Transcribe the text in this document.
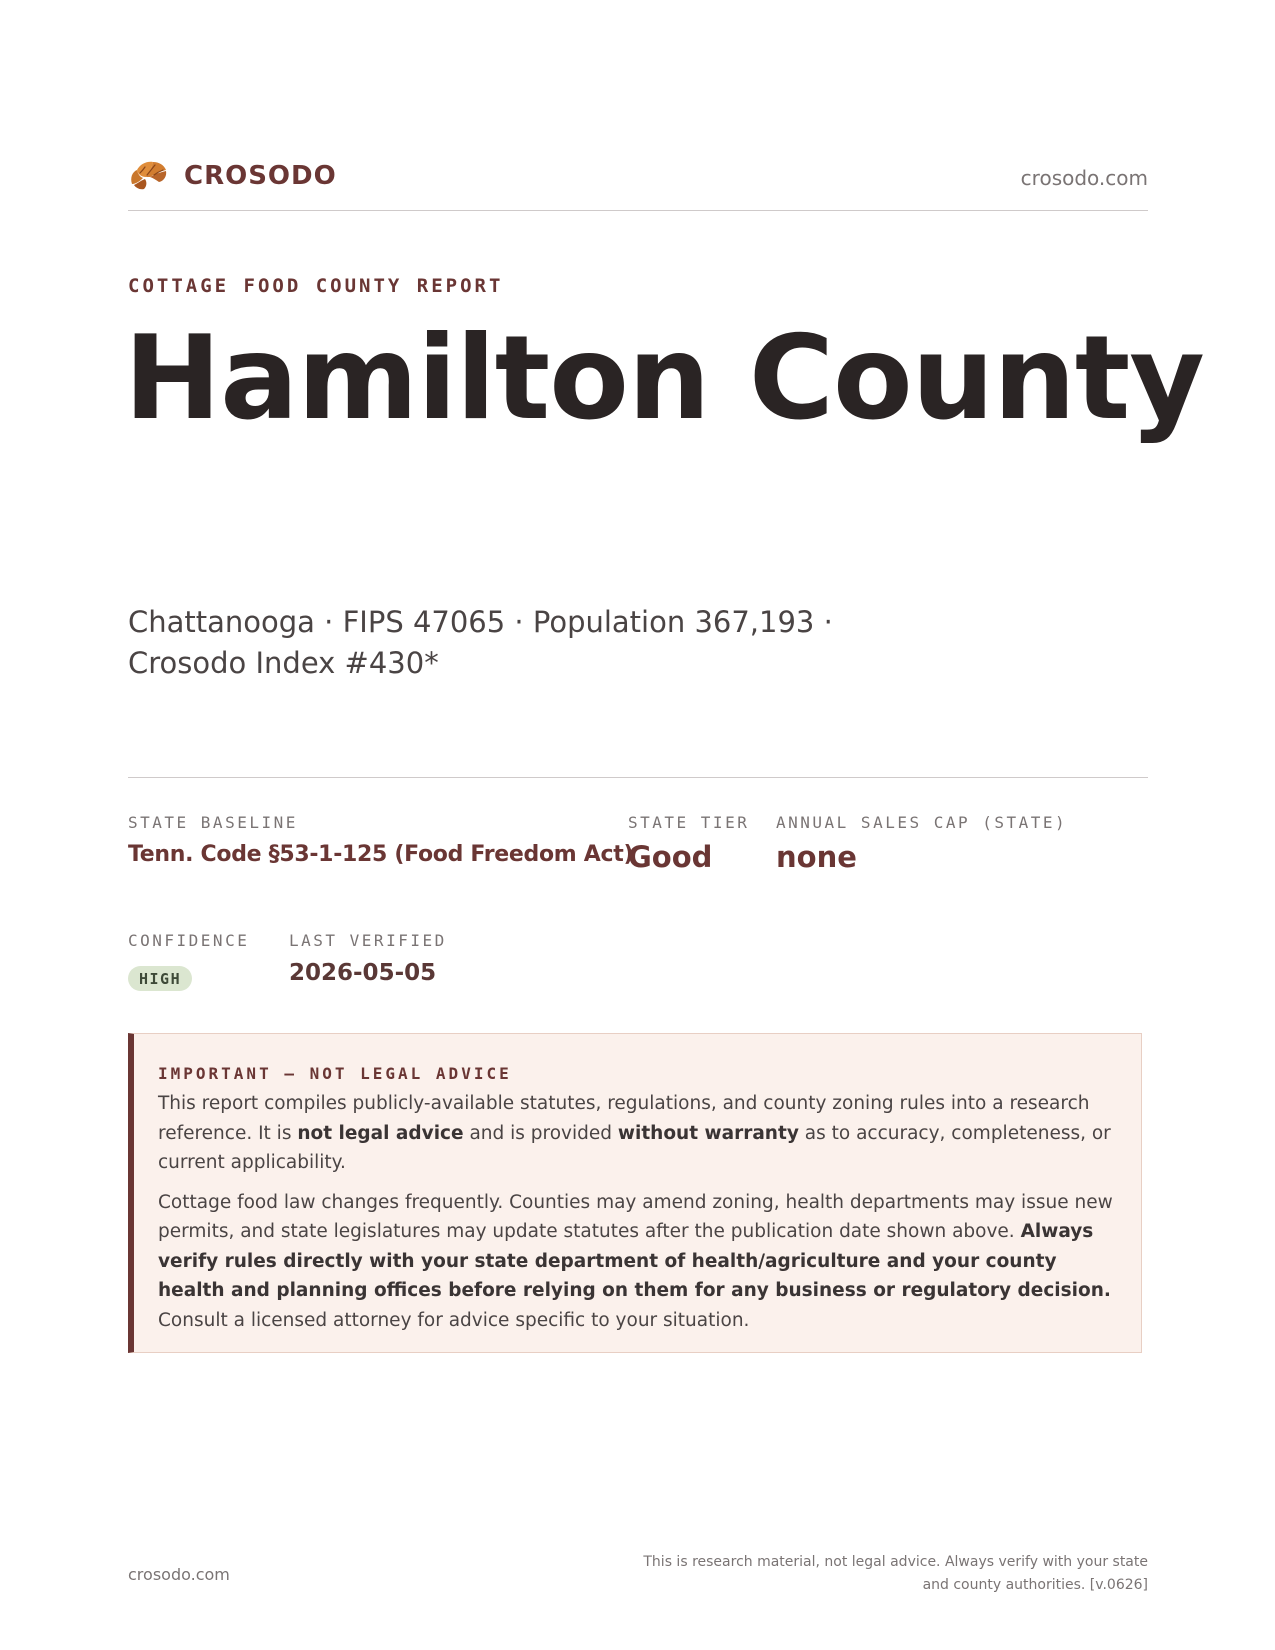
CROSODO	crosodo.com
COTTAGE FOOD COUNTY REPORT
Hamilton County
Chattanooga · FIPS 47065 · Population 367,193 · Crosodo Index #430*
STATE BASELINE
Tenn. Code §53-1-125 (Food Freedom Act)
STATE TIER
Good
ANNUAL SALES CAP (STATE)
none
CONFIDENCE
HIGH
LAST VERIFIED
2026-05-05
IMPORTANT — NOT LEGAL ADVICE

This report compiles publicly-available statutes, regulations, and county zoning rules into a research reference. It is not legal advice and is provided without warranty as to accuracy, completeness, or current applicability.

Cottage food law changes frequently. Counties may amend zoning, health departments may issue new permits, and state legislatures may update statutes after the publication date shown above. Always verify rules directly with your state department of health/agriculture and your county health and planning offices before relying on them for any business or regulatory decision. Consult a licensed attorney for advice specific to your situation.

crosodo.com
This is research material, not legal advice. Always verify with your state
and county authorities. [v.0626]
